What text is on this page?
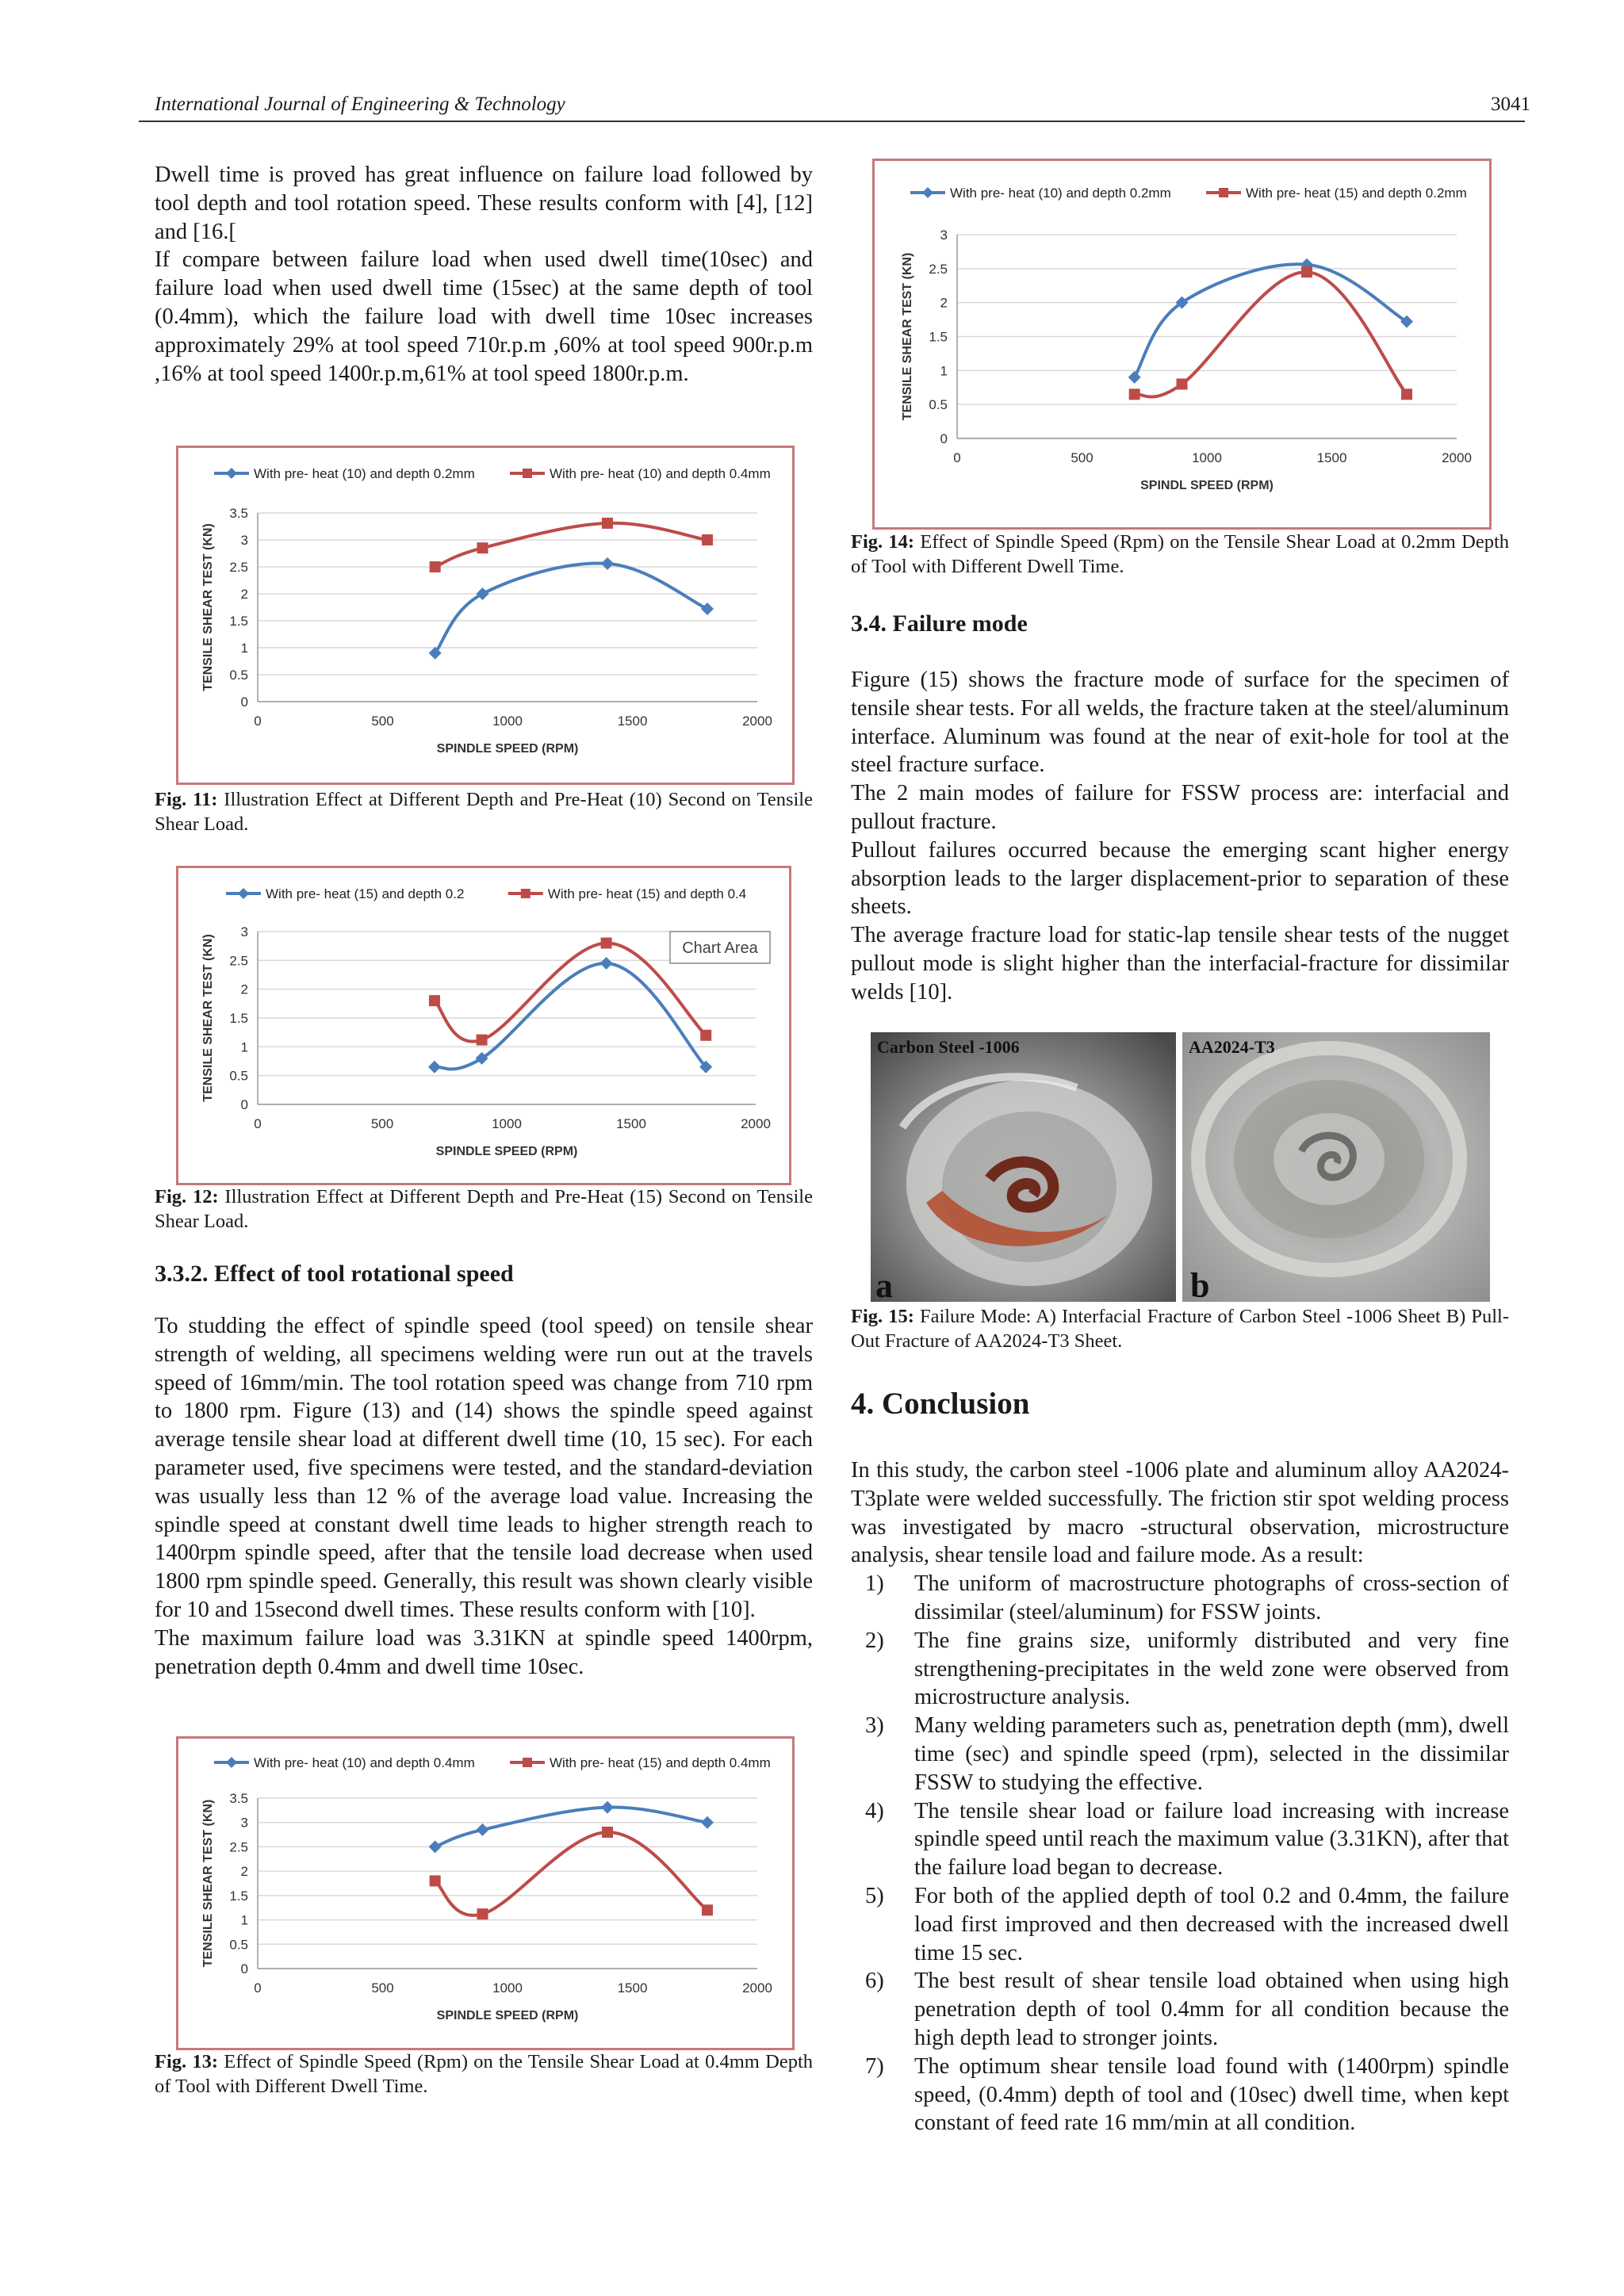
International Journal of Engineering & Technology	3041

Dwell time is proved has great influence on failure load followed by tool depth and tool rotation speed. These results conform with [4], [12] and [16.[

If compare between failure load when used dwell time(10sec) and failure load when used dwell time (15sec) at the same depth of tool (0.4mm), which the failure load with dwell time 10sec increases approximately 29% at tool speed 710r.p.m ,60% at tool speed 900r.p.m ,16% at tool speed 1400r.p.m,61% at tool speed 1800r.p.m.

0
0.5
1
1.5
2
2.5
3
3.5
0	500	1000	1500	2000
SPINDLE SPEED (RPM)
TENSILE SHEAR TEST (KN)
With pre- heat (10) and depth 0.2mm	With pre- heat (10) and depth 0.4mm
Fig. 11: Illustration Effect at Different Depth and Pre-Heat (10) Second on Tensile Shear Load.
0
0.5
1
1.5
2
2.5
3
0	500	1000	1500	2000
SPINDLE SPEED (RPM)
TENSILE SHEAR TEST (KN)
With pre- heat (15) and depth 0.2	With pre- heat (15) and depth 0.4
Chart Area
Fig. 12: Illustration Effect at Different Depth and Pre-Heat (15) Second on Tensile Shear Load.
3.3.2. Effect of tool rotational speed

To studding the effect of spindle speed (tool speed) on tensile shear strength of welding, all specimens welding were run out at the travels speed of 16mm/min. The tool rotation speed was change from 710 rpm to 1800 rpm. Figure (13) and (14) shows the spindle speed against average tensile shear load at different dwell time (10, 15 sec). For each parameter used, five specimens were tested, and the standard-deviation was usually less than 12 % of the average load value. Increasing the spindle speed at constant dwell time leads to higher strength reach to 1400rpm spindle speed, after that the tensile load decrease when used 1800 rpm spindle speed. Generally, this result was shown clearly visible for 10 and 15second dwell times. These results conform with [10].

The maximum failure load was 3.31KN at spindle speed 1400rpm, penetration depth 0.4mm and dwell time 10sec.

0
0.5
1
1.5
2
2.5
3
3.5
0	500	1000	1500	2000
SPINDLE SPEED (RPM)
TENSILE SHEAR TEST (KN)
With pre- heat (10) and depth 0.4mm	With pre- heat (15) and depth 0.4mm
Fig. 13: Effect of Spindle Speed (Rpm) on the Tensile Shear Load at 0.4mm Depth of Tool with Different Dwell Time.
0
0.5
1
1.5
2
2.5
3
0	500	1000	1500	2000
SPINDL SPEED (RPM)
TENSILE SHEAR TEST (KN)
With pre- heat (10) and depth 0.2mm	With pre- heat (15) and depth 0.2mm
Fig. 14: Effect of Spindle Speed (Rpm) on the Tensile Shear Load at 0.2mm Depth of Tool with Different Dwell Time.
3.4. Failure mode

Figure (15) shows the fracture mode of surface for the specimen of tensile shear tests. For all welds, the fracture taken at the steel/aluminum interface. Aluminum was found at the near of exit-hole for tool at the steel fracture surface.

The 2 main modes of failure for FSSW process are: interfacial and pullout fracture.

Pullout failures occurred because the emerging scant higher energy absorption leads to the larger displacement-prior to separation of these sheets.

The average fracture load for static-lap tensile shear tests of the nugget pullout mode is slight higher than the interfacial-fracture for dissimilar welds [10].

Carbon Steel -1006
a
AA2024-T3
b
Fig. 15: Failure Mode: A) Interfacial Fracture of Carbon Steel -1006 Sheet B) Pull-Out Fracture of AA2024-T3 Sheet.
4. Conclusion

In this study, the carbon steel -1006 plate and aluminum alloy AA2024-T3plate were welded successfully. The friction stir spot welding process was investigated by macro -structural observation, microstructure analysis, shear tensile load and failure mode. As a result:

1) The uniform of macrostructure photographs of cross-section of dissimilar (steel/aluminum) for FSSW joints.
2) The fine grains size, uniformly distributed and very fine strengthening-precipitates in the weld zone were observed from microstructure analysis.
3) Many welding parameters such as, penetration depth (mm), dwell time (sec) and spindle speed (rpm), selected in the dissimilar FSSW to studying the effective.
4) The tensile shear load or failure load increasing with increase spindle speed until reach the maximum value (3.31KN), after that the failure load began to decrease.
5) For both of the applied depth of tool 0.2 and 0.4mm, the failure load first improved and then decreased with the increased dwell time 15 sec.
6) The best result of shear tensile load obtained when using high penetration depth of tool 0.4mm for all condition because the high depth lead to stronger joints.
7) The optimum shear tensile load found with (1400rpm) spindle speed, (0.4mm) depth of tool and (10sec) dwell time, when kept constant of feed rate 16 mm/min at all condition.
